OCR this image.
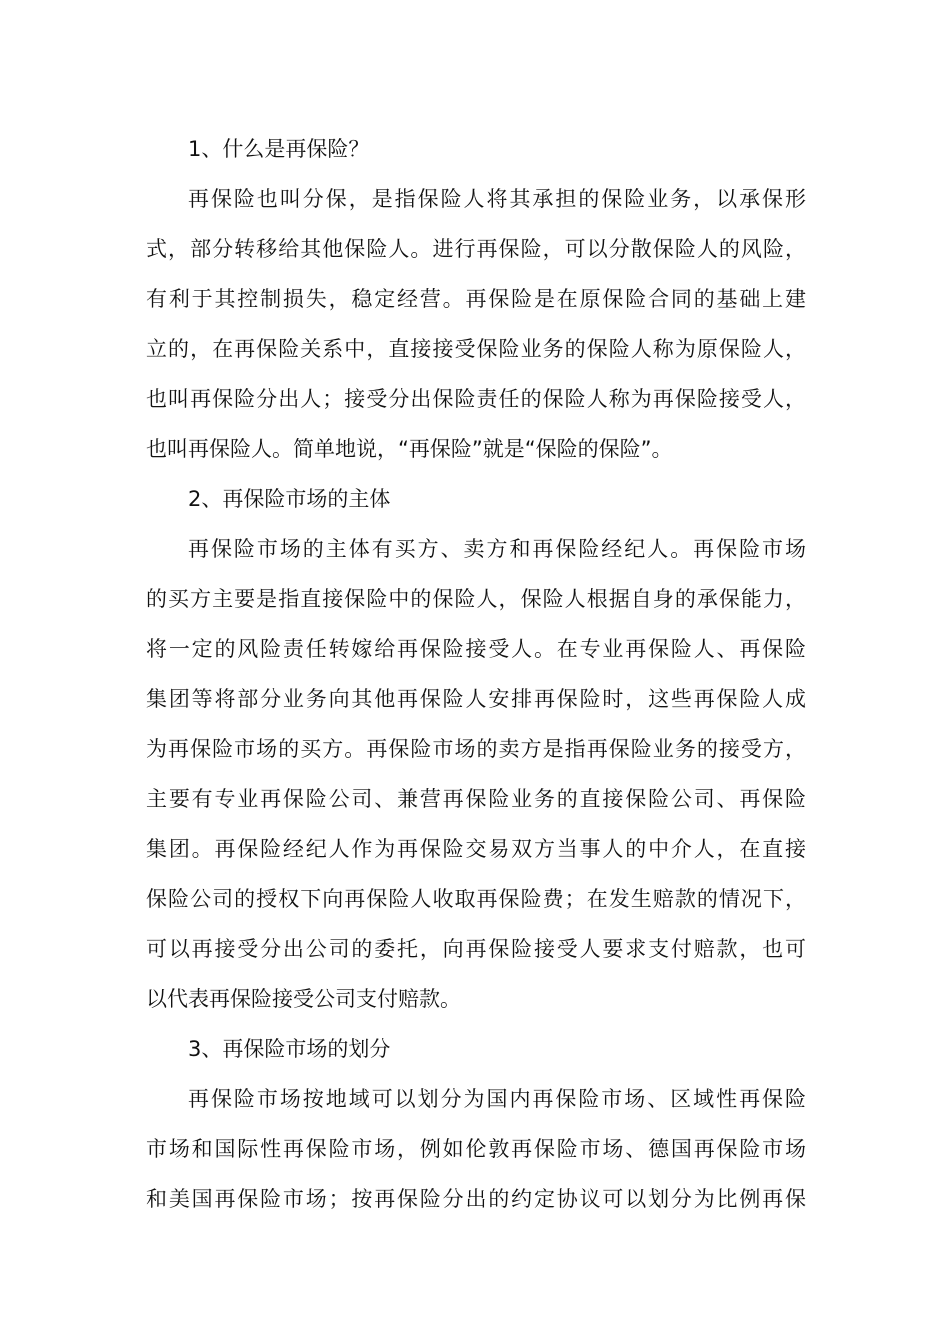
1、什么是再保险？
再保险也叫分保，是指保险人将其承担的保险业务，以承保形
式，部分转移给其他保险人。进行再保险，可以分散保险人的风险，
有利于其控制损失，稳定经营。再保险是在原保险合同的基础上建
立的，在再保险关系中，直接接受保险业务的保险人称为原保险人，
也叫再保险分出人；接受分出保险责任的保险人称为再保险接受人，
也叫再保险人。简单地说，“再保险”就是“保险的保险”。
2、再保险市场的主体
再保险市场的主体有买方、卖方和再保险经纪人。再保险市场
的买方主要是指直接保险中的保险人，保险人根据自身的承保能力，
将一定的风险责任转嫁给再保险接受人。在专业再保险人、再保险
集团等将部分业务向其他再保险人安排再保险时，这些再保险人成
为再保险市场的买方。再保险市场的卖方是指再保险业务的接受方，
主要有专业再保险公司、兼营再保险业务的直接保险公司、再保险
集团。再保险经纪人作为再保险交易双方当事人的中介人，在直接
保险公司的授权下向再保险人收取再保险费；在发生赔款的情况下，
可以再接受分出公司的委托，向再保险接受人要求支付赔款，也可
以代表再保险接受公司支付赔款。
3、再保险市场的划分
再保险市场按地域可以划分为国内再保险市场、区域性再保险
市场和国际性再保险市场，例如伦敦再保险市场、德国再保险市场
和美国再保险市场；按再保险分出的约定协议可以划分为比例再保
